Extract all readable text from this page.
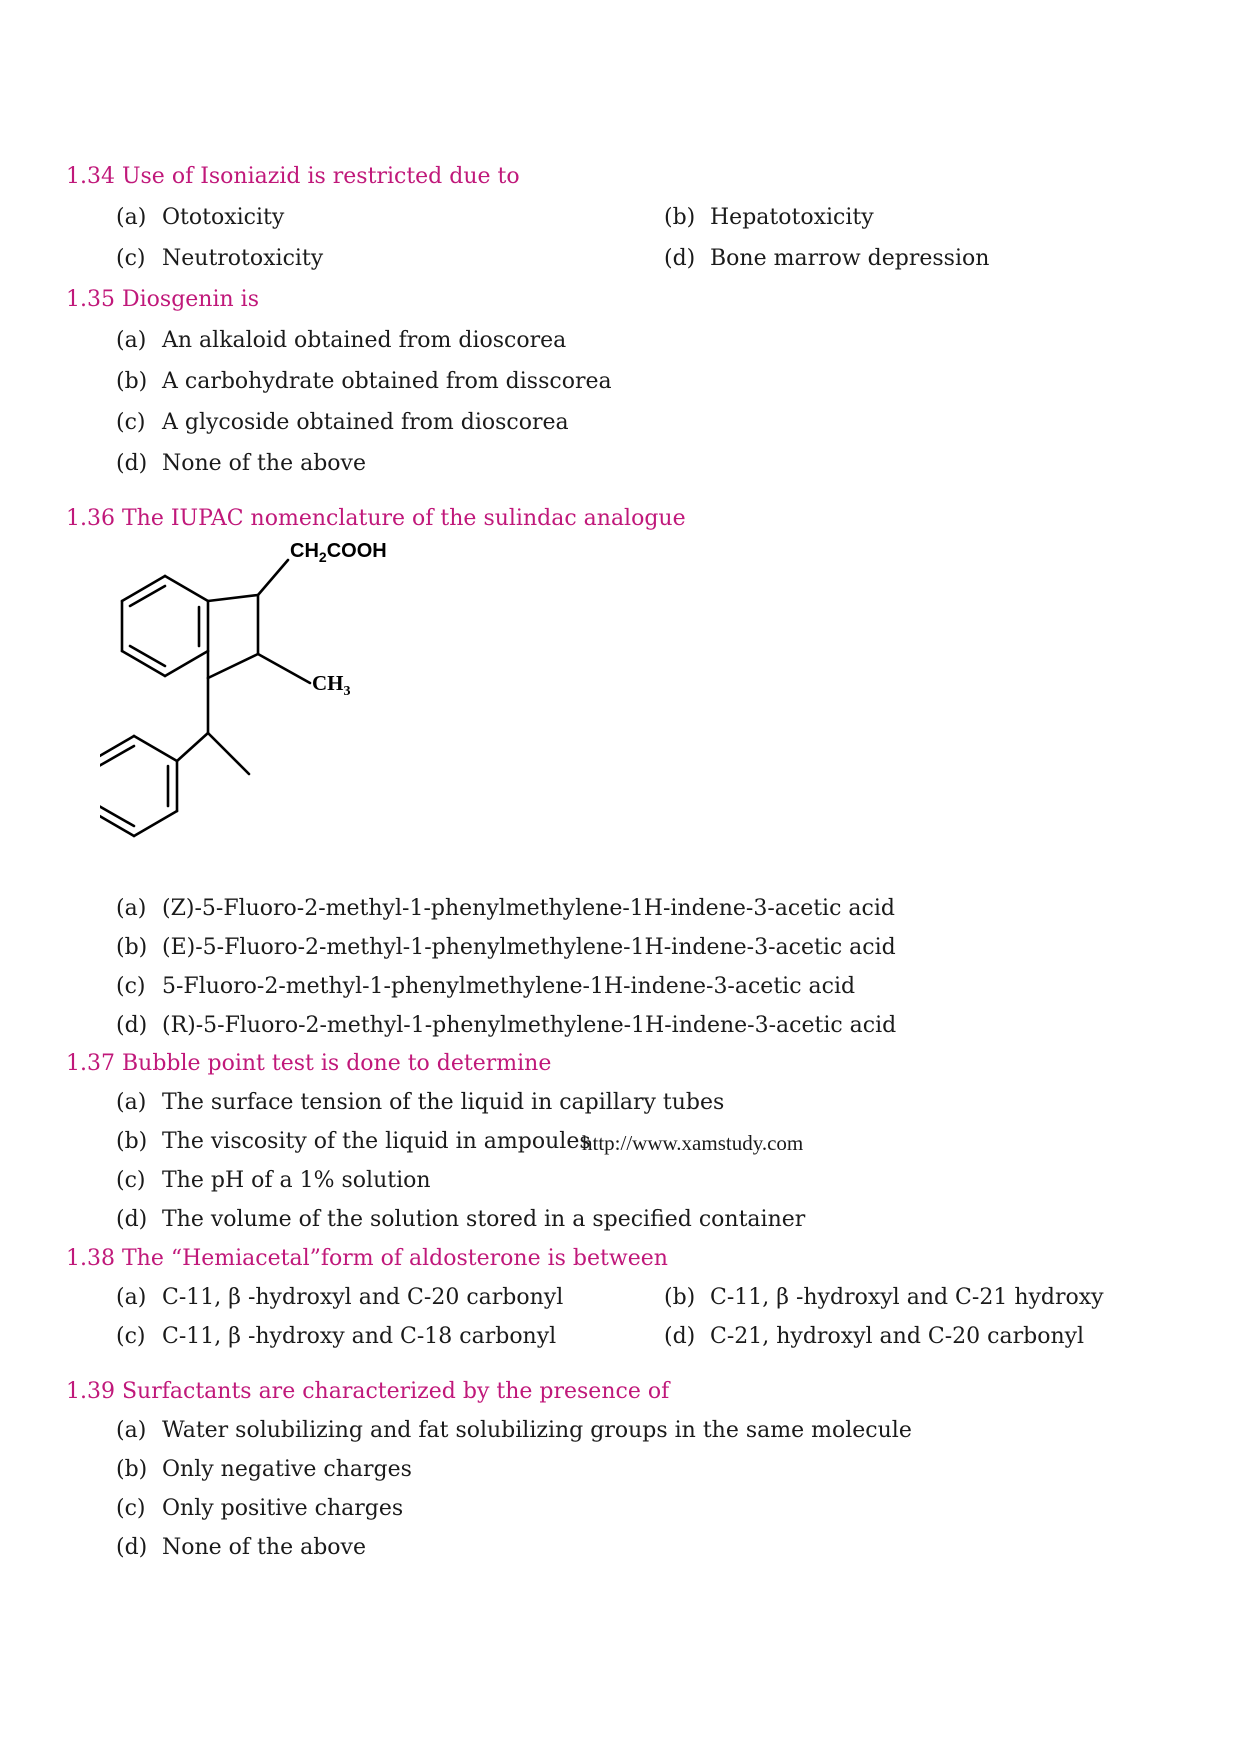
1.34 Use of Isoniazid is restricted due to
(a) Ototoxicity	(b) Hepatotoxicity
(c) Neutrotoxicity	(d) Bone marrow depression
1.35 Diosgenin is
(a) An alkaloid obtained from dioscorea
(b) A carbohydrate obtained from disscorea
(c) A glycoside obtained from dioscorea
(d) None of the above
1.36 The IUPAC nomenclature of the sulindac analogue
$CH_2COOH$
$CH_3$
(a) (Z)-5-Fluoro-2-methyl-1-phenylmethylene-1H-indene-3-acetic acid
(b) (E)-5-Fluoro-2-methyl-1-phenylmethylene-1H-indene-3-acetic acid
(c) 5-Fluoro-2-methyl-1-phenylmethylene-1H-indene-3-acetic acid
(d) (R)-5-Fluoro-2-methyl-1-phenylmethylene-1H-indene-3-acetic acid
1.37 Bubble point test is done to determine
(a) The surface tension of the liquid in capillary tubes
(b) The viscosity of the liquid in ampoules
http://www.xamstudy.com
(c) The pH of a 1% solution
(d) The volume of the solution stored in a specified container
1.38 The “Hemiacetal”form of aldosterone is between
(a) C-11, β -hydroxyl and C-20 carbonyl	(b) C-11, β -hydroxyl and C-21 hydroxy
(c) C-11, β -hydroxy and C-18 carbonyl	(d) C-21, hydroxyl and C-20 carbonyl
1.39 Surfactants are characterized by the presence of
(a) Water solubilizing and fat solubilizing groups in the same molecule
(b) Only negative charges
(c) Only positive charges
(d) None of the above
